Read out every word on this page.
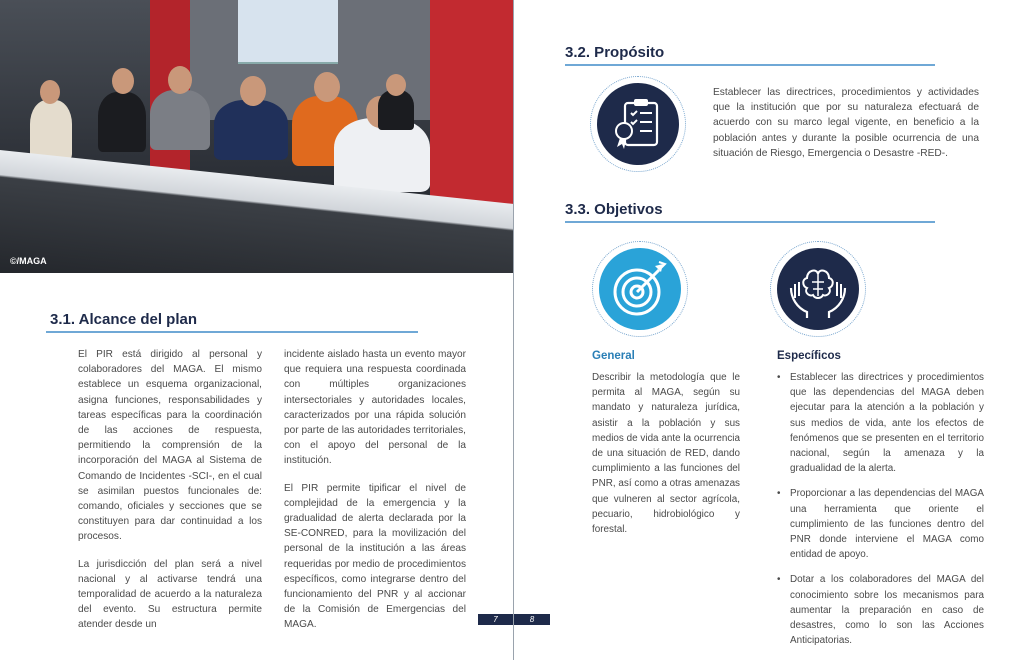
©/MAGA
3.1. Alcance del plan

El PIR está dirigido al personal y colaboradores del MAGA. El mismo establece un esquema organizacional, asigna funciones, responsabilidades y tareas específicas para la coordinación de las acciones de respuesta, permitiendo la comprensión de la incorporación del MAGA al Sistema de Comando de Incidentes -SCI-, en el cual se asimilan puestos funcionales de: comando, oficiales y secciones que se constituyen para dar continuidad a los procesos.

La jurisdicción del plan será a nivel nacional y al activarse tendrá una temporalidad de acuerdo a la naturaleza del evento. Su estructura permite atender desde un

incidente aislado hasta un evento mayor que requiera una respuesta coordinada con múltiples organizaciones intersectoriales y autoridades locales, caracterizados por una rápida solución por parte de las autoridades territoriales, con el apoyo del personal de la institución.

El PIR permite tipificar el nivel de complejidad de la emergencia y la gradualidad de alerta declarada por la SE-CONRED, para la movilización del personal de la institución a las áreas requeridas por medio de procedimientos específicos, como integrarse dentro del funcionamiento del PNR y al accionar de la Comisión de Emergencias del MAGA.	7
3.2. Propósito
Establecer las directrices, procedimientos y actividades que la institución que por su naturaleza efectuará de acuerdo con su marco legal vigente, en beneficio a la población antes y durante la posible ocurrencia de una situación de Riesgo, Emergencia o Desastre -RED-.
3.3. Objetivos
General
Describir la metodología que le permita al MAGA, según su mandato y naturaleza jurídica, asistir a la población y sus medios de vida ante la ocurrencia de una situación de RED, dando cumplimiento a las funciones del PNR, así como a otras amenazas que vulneren al sector agrícola, pecuario, hidrobiológico y forestal.
Específicos
• Establecer las directrices y procedimientos que las dependencias del MAGA deben ejecutar para la atención a la población y sus medios de vida, ante los efectos de fenómenos que se presenten en el territorio nacional, según la amenaza y la gradualidad de la alerta.
• Proporcionar a las dependencias del MAGA una herramienta que oriente el cumplimiento de las funciones dentro del PNR donde interviene el MAGA como entidad de apoyo.
• Dotar a los colaboradores del MAGA del conocimiento sobre los mecanismos para aumentar la preparación en caso de desastres, como lo son las Acciones Anticipatorias.
8
